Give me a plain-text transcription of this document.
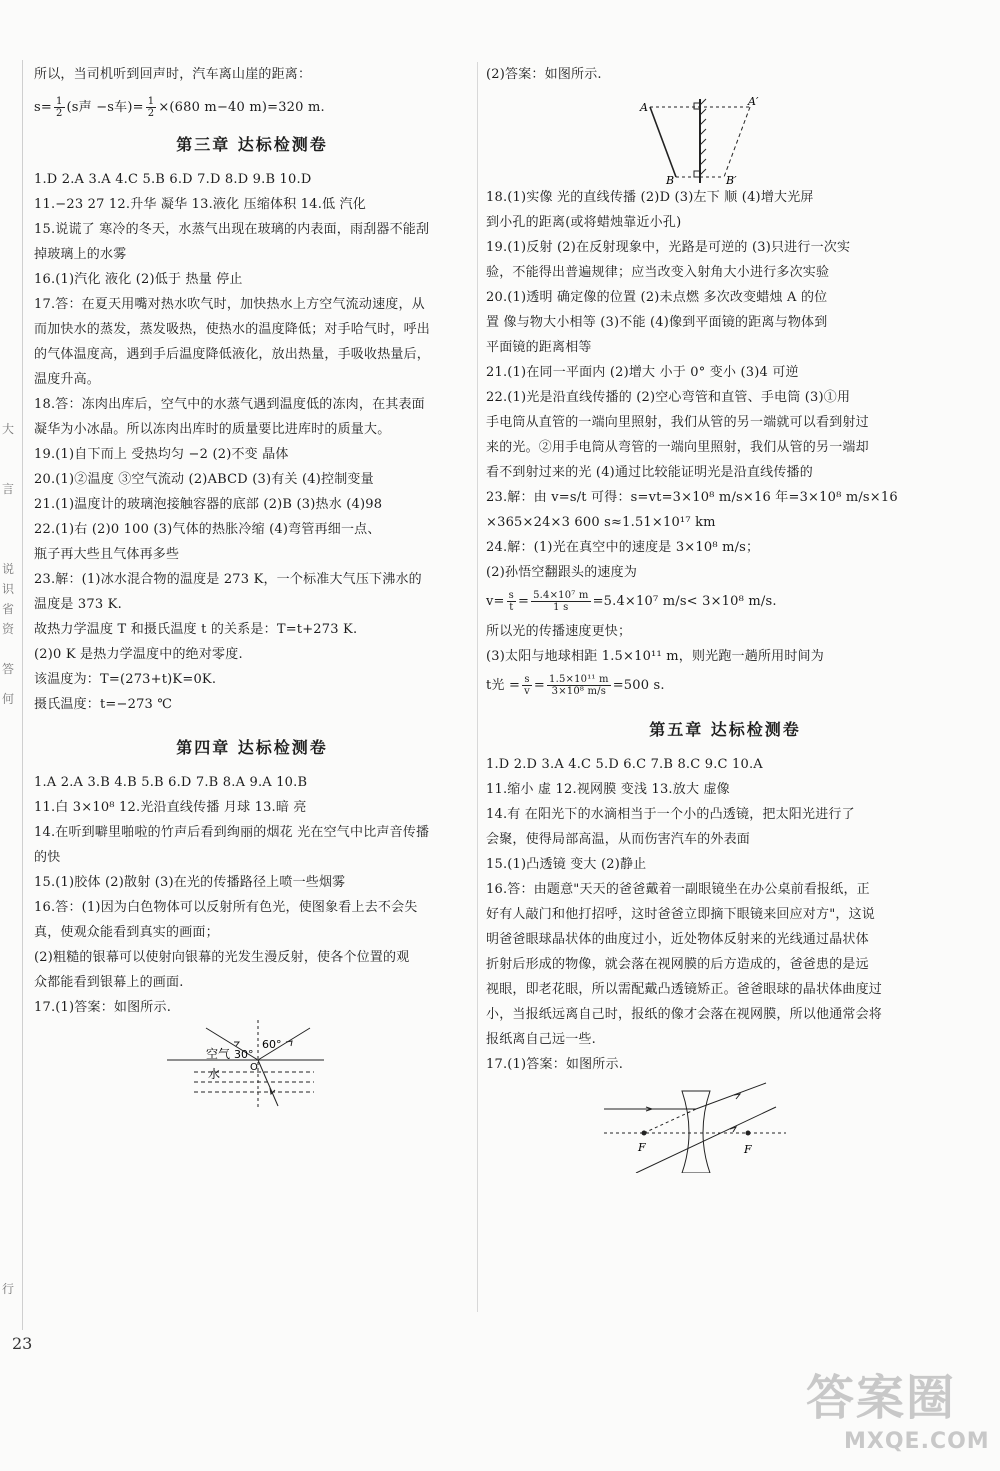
大
言
说
识
省
资
答
何
行
所以，当司机听到回声时，汽车离山崖的距离：
$s= \frac{1}{2} (s$声 −s车)= $\frac{1}{2} \times(680$ m−40 m)=320 m.
第三章 达标检测卷
1.D 2.A 3.A 4.C 5.B 6.D 7.D 8.D 9.B 10.D
11.−23 27 12.升华 凝华 13.液化 压缩体积 14.低 汽化
15.说谎了 寒冷的冬天，水蒸气出现在玻璃的内表面，雨刮器不能刮
掉玻璃上的水雾
16.(1)汽化 液化 (2)低于 热量 停止
17.答：在夏天用嘴对热水吹气时，加快热水上方空气流动速度，从
而加快水的蒸发，蒸发吸热，使热水的温度降低；对手哈气时，呼出
的气体温度高，遇到手后温度降低液化，放出热量，手吸收热量后，
温度升高。
18.答：冻肉出库后，空气中的水蒸气遇到温度低的冻肉，在其表面
凝华为小冰晶。所以冻肉出库时的质量要比进库时的质量大。
19.(1)自下而上 受热均匀 −2 (2)不变 晶体
20.(1)②温度 ③空气流动 (2)ABCD (3)有关 (4)控制变量
21.(1)温度计的玻璃泡接触容器的底部 (2)B (3)热水 (4)98
22.(1)右 (2)0 100 (3)气体的热胀冷缩 (4)弯管再细一点、
瓶子再大些且气体再多些
23.解：(1)冰水混合物的温度是 273 K，一个标准大气压下沸水的
温度是 373 K.
故热力学温度 T 和摄氏温度 t 的关系是：T=t+273 K.
(2)0 K 是热力学温度中的绝对零度.
该温度为：T=(273+t)K=0K.
摄氏温度：t=−273 ℃
第四章 达标检测卷
1.A 2.A 3.B 4.B 5.B 6.D 7.B 8.A 9.A 10.B
11.白 3×10⁸ 12.光沿直线传播 月球 13.暗 亮
14.在听到噼里啪啦的竹声后看到绚丽的烟花 光在空气中比声音传播
的快
15.(1)胶体 (2)散射 (3)在光的传播路径上喷一些烟雾
16.答：(1)因为白色物体可以反射所有色光，使图象看上去不会失
真，使观众能看到真实的画面；
(2)粗糙的银幕可以使射向银幕的光发生漫反射，使各个位置的观
众都能看到银幕上的画面.
17.(1)答案：如图所示.
空气 30°
60°
O
水
(2)答案：如图所示.
A	A′
B	B′
18.(1)实像 光的直线传播 (2)D (3)左下 顺 (4)增大光屏
到小孔的距离(或将蜡烛靠近小孔)
19.(1)反射 (2)在反射现象中，光路是可逆的 (3)只进行一次实
验，不能得出普遍规律；应当改变入射角大小进行多次实验
20.(1)透明 确定像的位置 (2)未点燃 多次改变蜡烛 A 的位
置 像与物大小相等 (3)不能 (4)像到平面镜的距离与物体到
平面镜的距离相等
21.(1)在同一平面内 (2)增大 小于 0° 变小 (3)4 可逆
22.(1)光是沿直线传播的 (2)空心弯管和直管、手电筒 (3)①用
手电筒从直管的一端向里照射，我们从管的另一端就可以看到射过
来的光。②用手电筒从弯管的一端向里照射，我们从管的另一端却
看不到射过来的光 (4)通过比较能证明光是沿直线传播的
23.解：由 v=s/t 可得：s=vt=3×10⁸ m/s×16 年=3×10⁸ m/s×16
×365×24×3 600 s≈1.51×10¹⁷ km
24.解：(1)光在真空中的速度是 3×10⁸ m/s；
(2)孙悟空翻跟头的速度为
$v= \frac{s}{t} = \frac{\text{5.4×10⁷ m}}{1 s} =5.4\times 10^7$ m/s< 3×10⁸ m/s.
所以光的传播速度更快；
(3)太阳与地球相距 1.5×10¹¹ m，则光跑一趟所用时间为
t光 = $\frac{s}{v} = \frac{\text{1.5×10¹¹ m}}{\text{3×10⁸ m/s}} =500$ s.
第五章 达标检测卷
1.D 2.D 3.A 4.C 5.D 6.C 7.B 8.C 9.C 10.A
11.缩小 虚 12.视网膜 变浅 13.放大 虚像
14.有 在阳光下的水滴相当于一个小的凸透镜，把太阳光进行了
会聚，使得局部高温，从而伤害汽车的外表面
15.(1)凸透镜 变大 (2)静止
16.答：由题意"天天的爸爸戴着一副眼镜坐在办公桌前看报纸，正
好有人敲门和他打招呼，这时爸爸立即摘下眼镜来回应对方"，这说
明爸爸眼球晶状体的曲度过小，近处物体反射来的光线通过晶状体
折射后形成的物像，就会落在视网膜的后方造成的，爸爸患的是远
视眼，即老花眼，所以需配戴凸透镜矫正。爸爸眼球的晶状体曲度过
小，当报纸远离自己时，报纸的像才会落在视网膜，所以他通常会将
报纸离自己远一些.
17.(1)答案：如图所示.
F	F
23
答案圈
MXQE.COM
